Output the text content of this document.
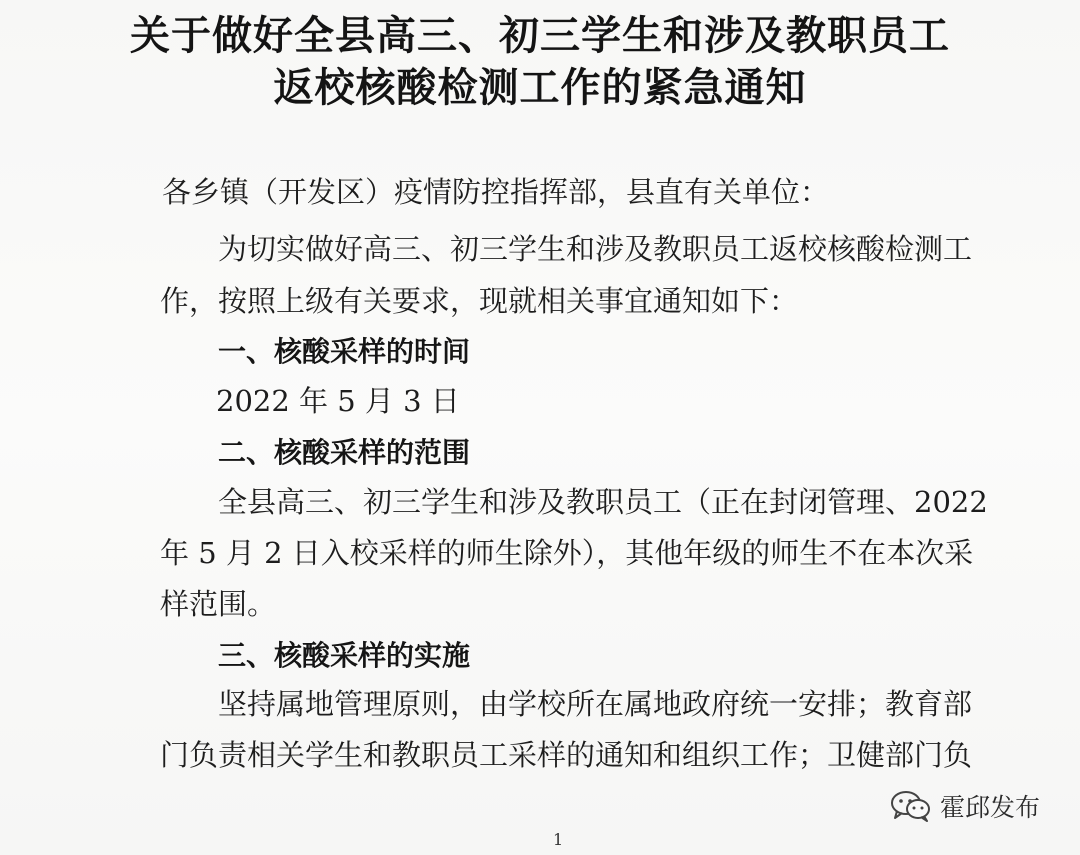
关于做好全县高三、初三学生和涉及教职员工
返校核酸检测工作的紧急通知
各乡镇（开发区）疫情防控指挥部，县直有关单位：
为切实做好高三、初三学生和涉及教职员工返校核酸检测工
作，按照上级有关要求，现就相关事宜通知如下：
一、核酸采样的时间
2022 年 5 月 3 日
二、核酸采样的范围
全县高三、初三学生和涉及教职员工（正在封闭管理、2022
年 5 月 2 日入校采样的师生除外），其他年级的师生不在本次采
样范围。
三、核酸采样的实施
坚持属地管理原则，由学校所在属地政府统一安排；教育部
门负责相关学生和教职员工采样的通知和组织工作；卫健部门负
1
霍邱发布
